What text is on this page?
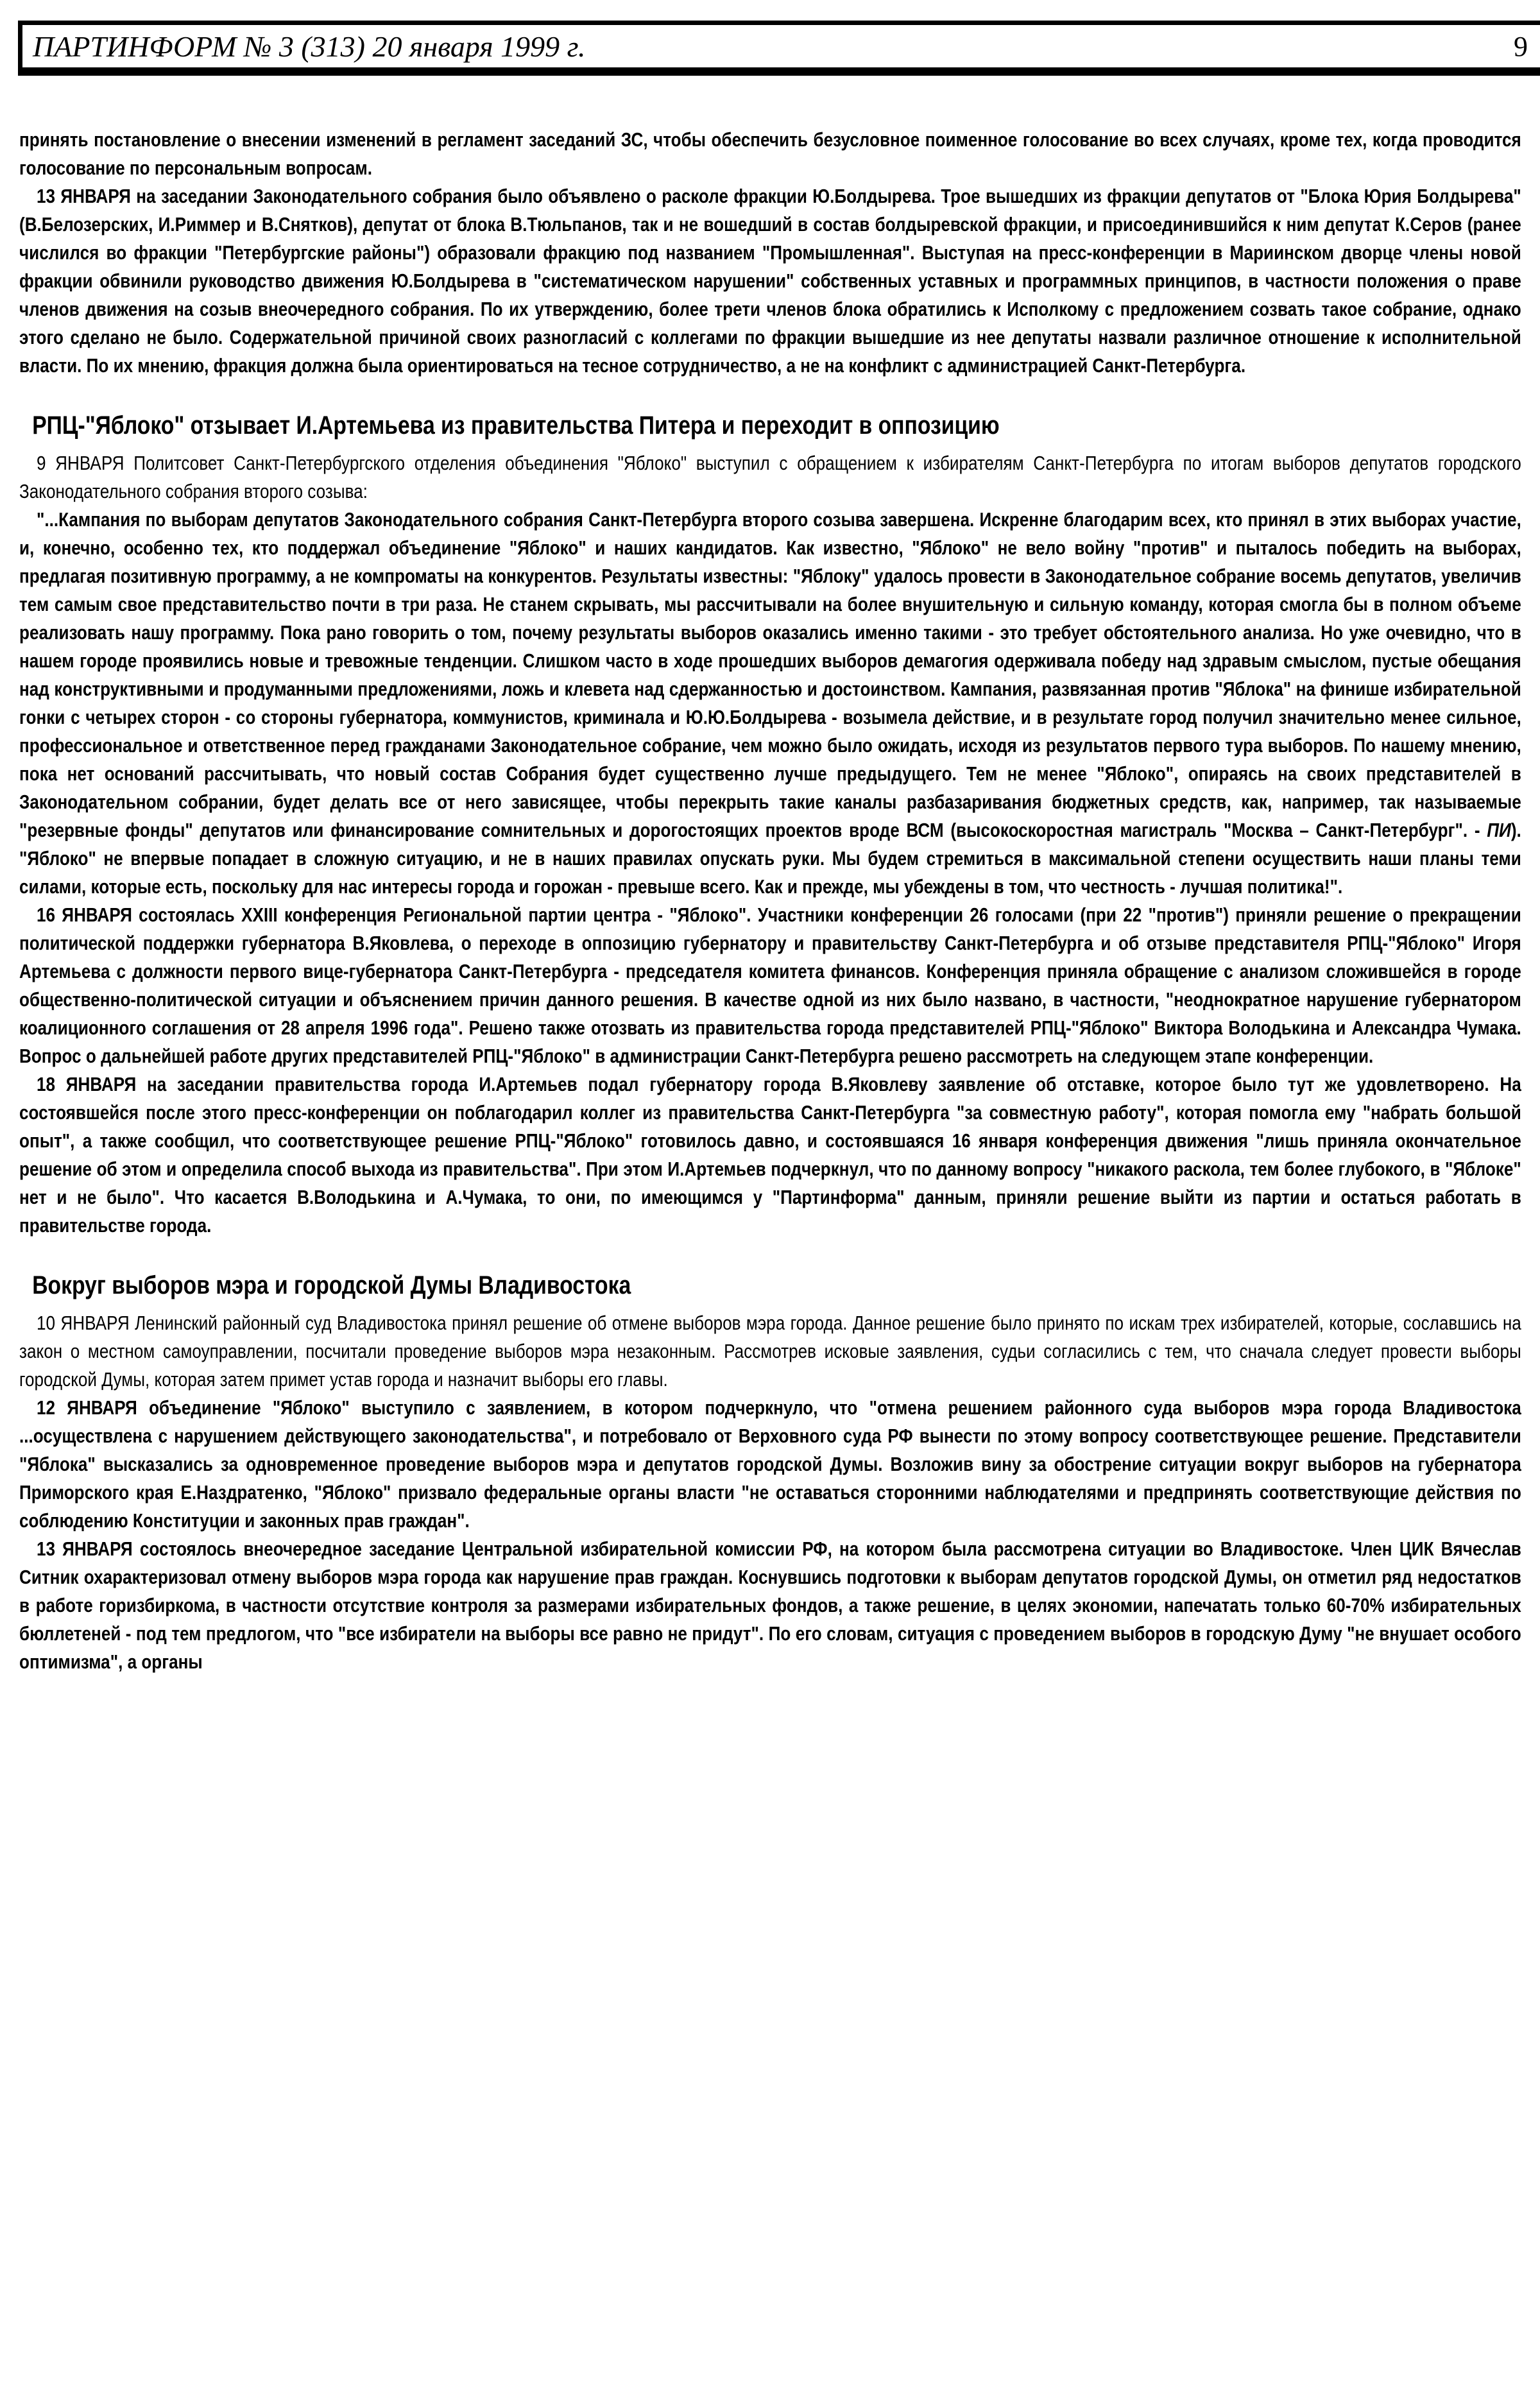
ПАРТИНФОРМ № 3 (313) 20 января 1999 г.	9

принять постановление о внесении изменений в регламент заседаний ЗС, чтобы обеспечить безусловное поименное голосование во всех случаях, кроме тех, когда проводится голосование по персональным вопросам.

13 ЯНВАРЯ на заседании Законодательного собрания было объявлено о расколе фракции Ю.Болдырева. Трое вышедших из фракции депутатов от "Блока Юрия Болдырева" (В.Белозерских, И.Риммер и В.Снятков), депутат от блока В.Тюльпанов, так и не вошедший в состав болдыревской фракции, и присоединившийся к ним депутат К.Серов (ранее числился во фракции "Петербургские районы") образовали фракцию под названием "Промышленная". Выступая на пресс-конференции в Мариинском дворце члены новой фракции обвинили руководство движения Ю.Болдырева в "систематическом нарушении" собственных уставных и программных принципов, в частности положения о праве членов движения на созыв внеочередного собрания. По их утверждению, более трети членов блока обратились к Исполкому с предложением созвать такое собрание, однако этого сделано не было. Содержательной причиной своих разногласий с коллегами по фракции вышедшие из нее депутаты назвали различное отношение к исполнительной власти. По их мнению, фракция должна была ориентироваться на тесное сотрудничество, а не на конфликт с администрацией Санкт-Петербурга.

РПЦ-"Яблоко" отзывает И.Артемьева из правительства Питера и переходит в оппозицию

9 ЯНВАРЯ Политсовет Санкт-Петербургского отделения объединения "Яблоко" выступил с обращением к избирателям Санкт-Петербурга по итогам выборов депутатов городского Законодательного собрания второго созыва:

"...Кампания по выборам депутатов Законодательного собрания Санкт-Петербурга второго созыва завершена. Искренне благодарим всех, кто принял в этих выборах участие, и, конечно, особенно тех, кто поддержал объединение "Яблоко" и наших кандидатов. Как известно, "Яблоко" не вело войну "против" и пыталось победить на выборах, предлагая позитивную программу, а не компроматы на конкурентов. Результаты известны: "Яблоку" удалось провести в Законодательное собрание восемь депутатов, увеличив тем самым свое представительство почти в три раза. Не станем скрывать, мы рассчитывали на более внушительную и сильную команду, которая смогла бы в полном объеме реализовать нашу программу. Пока рано говорить о том, почему результаты выборов оказались именно такими - это требует обстоятельного анализа. Но уже очевидно, что в нашем городе проявились новые и тревожные тенденции. Слишком часто в ходе прошедших выборов демагогия одерживала победу над здравым смыслом, пустые обещания над конструктивными и продуманными предложениями, ложь и клевета над сдержанностью и достоинством. Кампания, развязанная против "Яблока" на финише избирательной гонки с четырех сторон - со стороны губернатора, коммунистов, криминала и Ю.Ю.Болдырева - возымела действие, и в результате город получил значительно менее сильное, профессиональное и ответственное перед гражданами Законодательное собрание, чем можно было ожидать, исходя из результатов первого тура выборов. По нашему мнению, пока нет оснований рассчитывать, что новый состав Собрания будет существенно лучше предыдущего. Тем не менее "Яблоко", опираясь на своих представителей в Законодательном собрании, будет делать все от него зависящее, чтобы перекрыть такие каналы разбазаривания бюджетных средств, как, например, так называемые "резервные фонды" депутатов или финансирование сомнительных и дорогостоящих проектов вроде ВСМ (высокоскоростная магистраль "Москва – Санкт-Петербург". - ПИ). "Яблоко" не впервые попадает в сложную ситуацию, и не в наших правилах опускать руки. Мы будем стремиться в максимальной степени осуществить наши планы теми силами, которые есть, поскольку для нас интересы города и горожан - превыше всего. Как и прежде, мы убеждены в том, что честность - лучшая политика!".

16 ЯНВАРЯ состоялась XXIII конференция Региональной партии центра - "Яблоко". Участники конференции 26 голосами (при 22 "против") приняли решение о прекращении политической поддержки губернатора В.Яковлева, о переходе в оппозицию губернатору и правительству Санкт-Петербурга и об отзыве представителя РПЦ-"Яблоко" Игоря Артемьева с должности первого вице-губернатора Санкт-Петербурга - председателя комитета финансов. Конференция приняла обращение с анализом сложившейся в городе общественно-политической ситуации и объяснением причин данного решения. В качестве одной из них было названо, в частности, "неоднократное нарушение губернатором коалиционного соглашения от 28 апреля 1996 года". Решено также отозвать из правительства города представителей РПЦ-"Яблоко" Виктора Володькина и Александра Чумака. Вопрос о дальнейшей работе других представителей РПЦ-"Яблоко" в администрации Санкт-Петербурга решено рассмотреть на следующем этапе конференции.

18 ЯНВАРЯ на заседании правительства города И.Артемьев подал губернатору города В.Яковлеву заявление об отставке, которое было тут же удовлетворено. На состоявшейся после этого пресс-конференции он поблагодарил коллег из правительства Санкт-Петербурга "за совместную работу", которая помогла ему "набрать большой опыт", а также сообщил, что соответствующее решение РПЦ-"Яблоко" готовилось давно, и состоявшаяся 16 января конференция движения "лишь приняла окончательное решение об этом и определила способ выхода из правительства". При этом И.Артемьев подчеркнул, что по данному вопросу "никакого раскола, тем более глубокого, в "Яблоке" нет и не было". Что касается В.Володькина и А.Чумака, то они, по имеющимся у "Партинформа" данным, приняли решение выйти из партии и остаться работать в правительстве города.

Вокруг выборов мэра и городской Думы Владивостока

10 ЯНВАРЯ Ленинский районный суд Владивостока принял решение об отмене выборов мэра города. Данное решение было принято по искам трех избирателей, которые, сославшись на закон о местном самоуправлении, посчитали проведение выборов мэра незаконным. Рассмотрев исковые заявления, судьи согласились с тем, что сначала следует провести выборы городской Думы, которая затем примет устав города и назначит выборы его главы.

12 ЯНВАРЯ объединение "Яблоко" выступило с заявлением, в котором подчеркнуло, что "отмена решением районного суда выборов мэра города Владивостока ...осуществлена с нарушением действующего законодательства", и потребовало от Верховного суда РФ вынести по этому вопросу соответствующее решение. Представители "Яблока" высказались за одновременное проведение выборов мэра и депутатов городской Думы. Возложив вину за обострение ситуации вокруг выборов на губернатора Приморского края Е.Наздратенко, "Яблоко" призвало федеральные органы власти "не оставаться сторонними наблюдателями и предпринять соответствующие действия по соблюдению Конституции и законных прав граждан".

13 ЯНВАРЯ состоялось внеочередное заседание Центральной избирательной комиссии РФ, на котором была рассмотрена ситуации во Владивостоке. Член ЦИК Вячеслав Ситник охарактеризовал отмену выборов мэра города как нарушение прав граждан. Коснувшись подготовки к выборам депутатов городской Думы, он отметил ряд недостатков в работе горизбиркома, в частности отсутствие контроля за размерами избирательных фондов, а также решение, в целях экономии, напечатать только 60-70% избирательных бюллетеней - под тем предлогом, что "все избиратели на выборы все равно не придут". По его словам, ситуация с проведением выборов в городскую Думу "не внушает особого оптимизма", а органы
